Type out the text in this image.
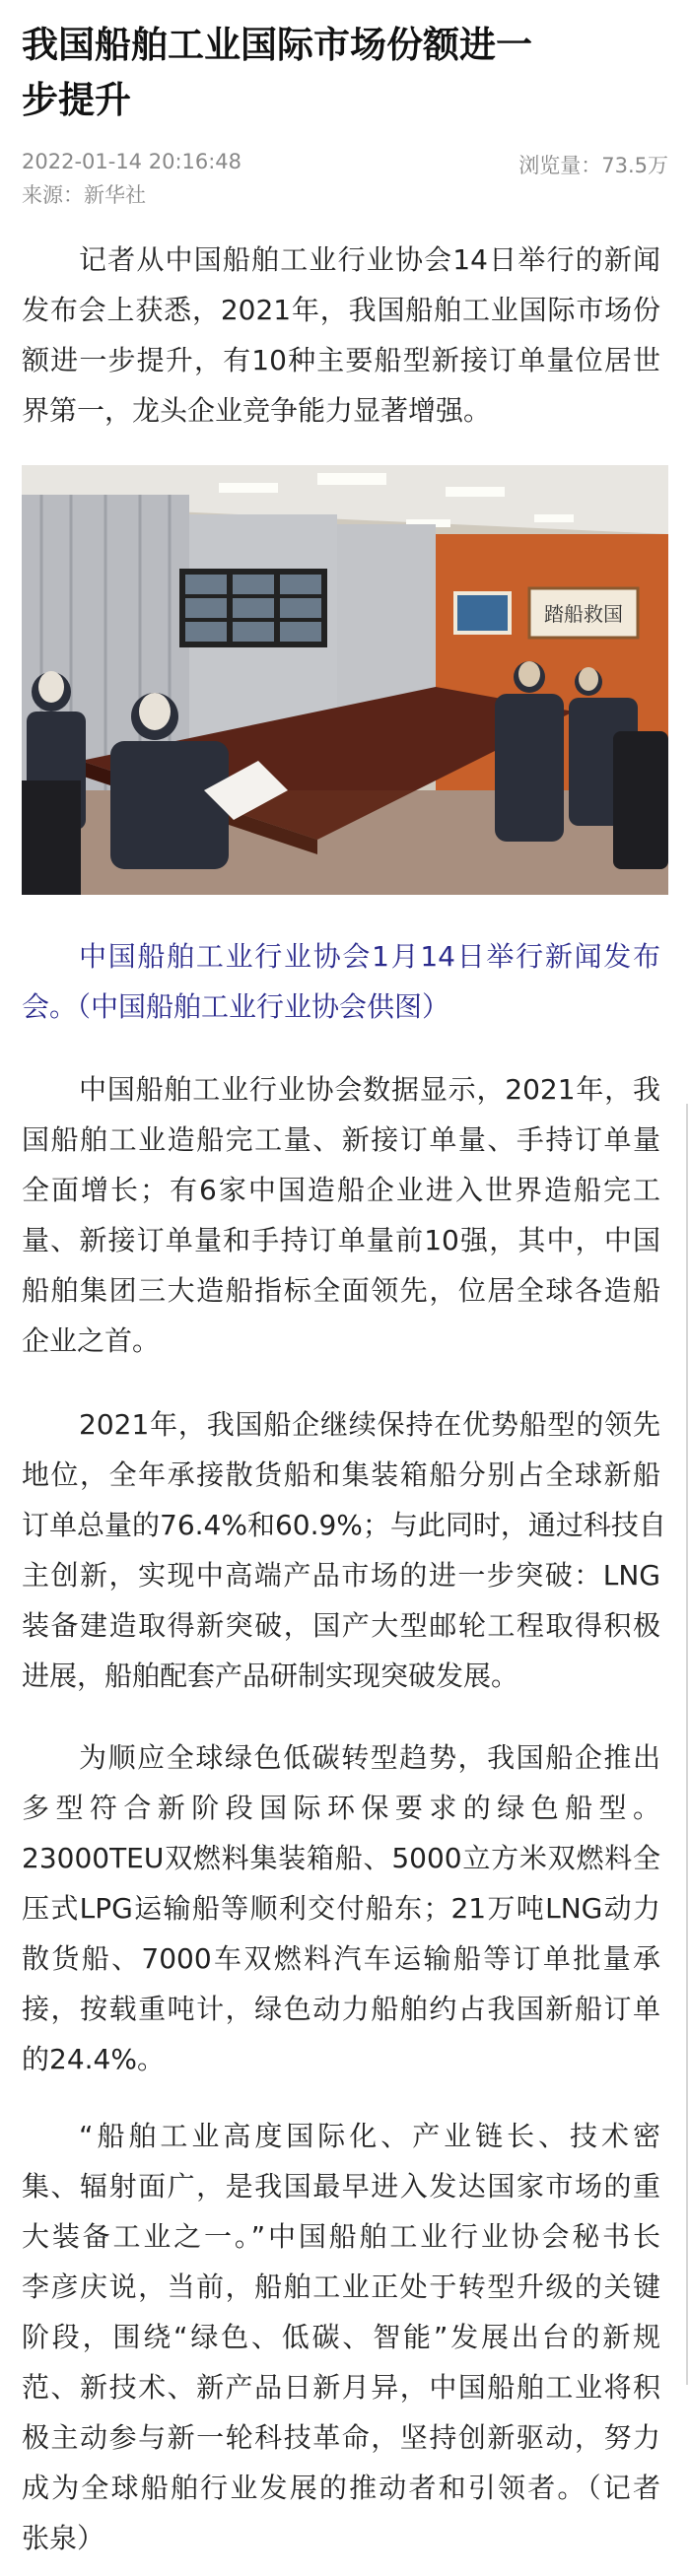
我国船舶工业国际市场份额进一
步提升
2022-01-14 20:16:48	浏览量：73.5万
来源：新华社
记者从中国船舶工业行业协会14日举行的新闻
发布会上获悉，2021年，我国船舶工业国际市场份
额进一步提升，有10种主要船型新接订单量位居世
界第一，龙头企业竞争能力显著增强。
踏船救国
中国船舶工业行业协会1月14日举行新闻发布
会。（中国船舶工业行业协会供图）
中国船舶工业行业协会数据显示，2021年，我
国船舶工业造船完工量、新接订单量、手持订单量
全面增长；有6家中国造船企业进入世界造船完工
量、新接订单量和手持订单量前10强，其中，中国
船舶集团三大造船指标全面领先，位居全球各造船
企业之首。
2021年，我国船企继续保持在优势船型的领先
地位，全年承接散货船和集装箱船分别占全球新船
订单总量的76.4%和60.9%；与此同时，通过科技自
主创新，实现中高端产品市场的进一步突破：LNG
装备建造取得新突破，国产大型邮轮工程取得积极
进展，船舶配套产品研制实现突破发展。
为顺应全球绿色低碳转型趋势，我国船企推出
多型符合新阶段国际环保要求的绿色船型。
23000TEU双燃料集装箱船、5000立方米双燃料全
压式LPG运输船等顺利交付船东；21万吨LNG动力
散货船、7000车双燃料汽车运输船等订单批量承
接，按载重吨计，绿色动力船舶约占我国新船订单
的24.4%。
“船舶工业高度国际化、产业链长、技术密
集、辐射面广，是我国最早进入发达国家市场的重
大装备工业之一。”中国船舶工业行业协会秘书长
李彦庆说，当前，船舶工业正处于转型升级的关键
阶段，围绕“绿色、低碳、智能”发展出台的新规
范、新技术、新产品日新月异，中国船舶工业将积
极主动参与新一轮科技革命，坚持创新驱动，努力
成为全球船舶行业发展的推动者和引领者。（记者
张泉）
